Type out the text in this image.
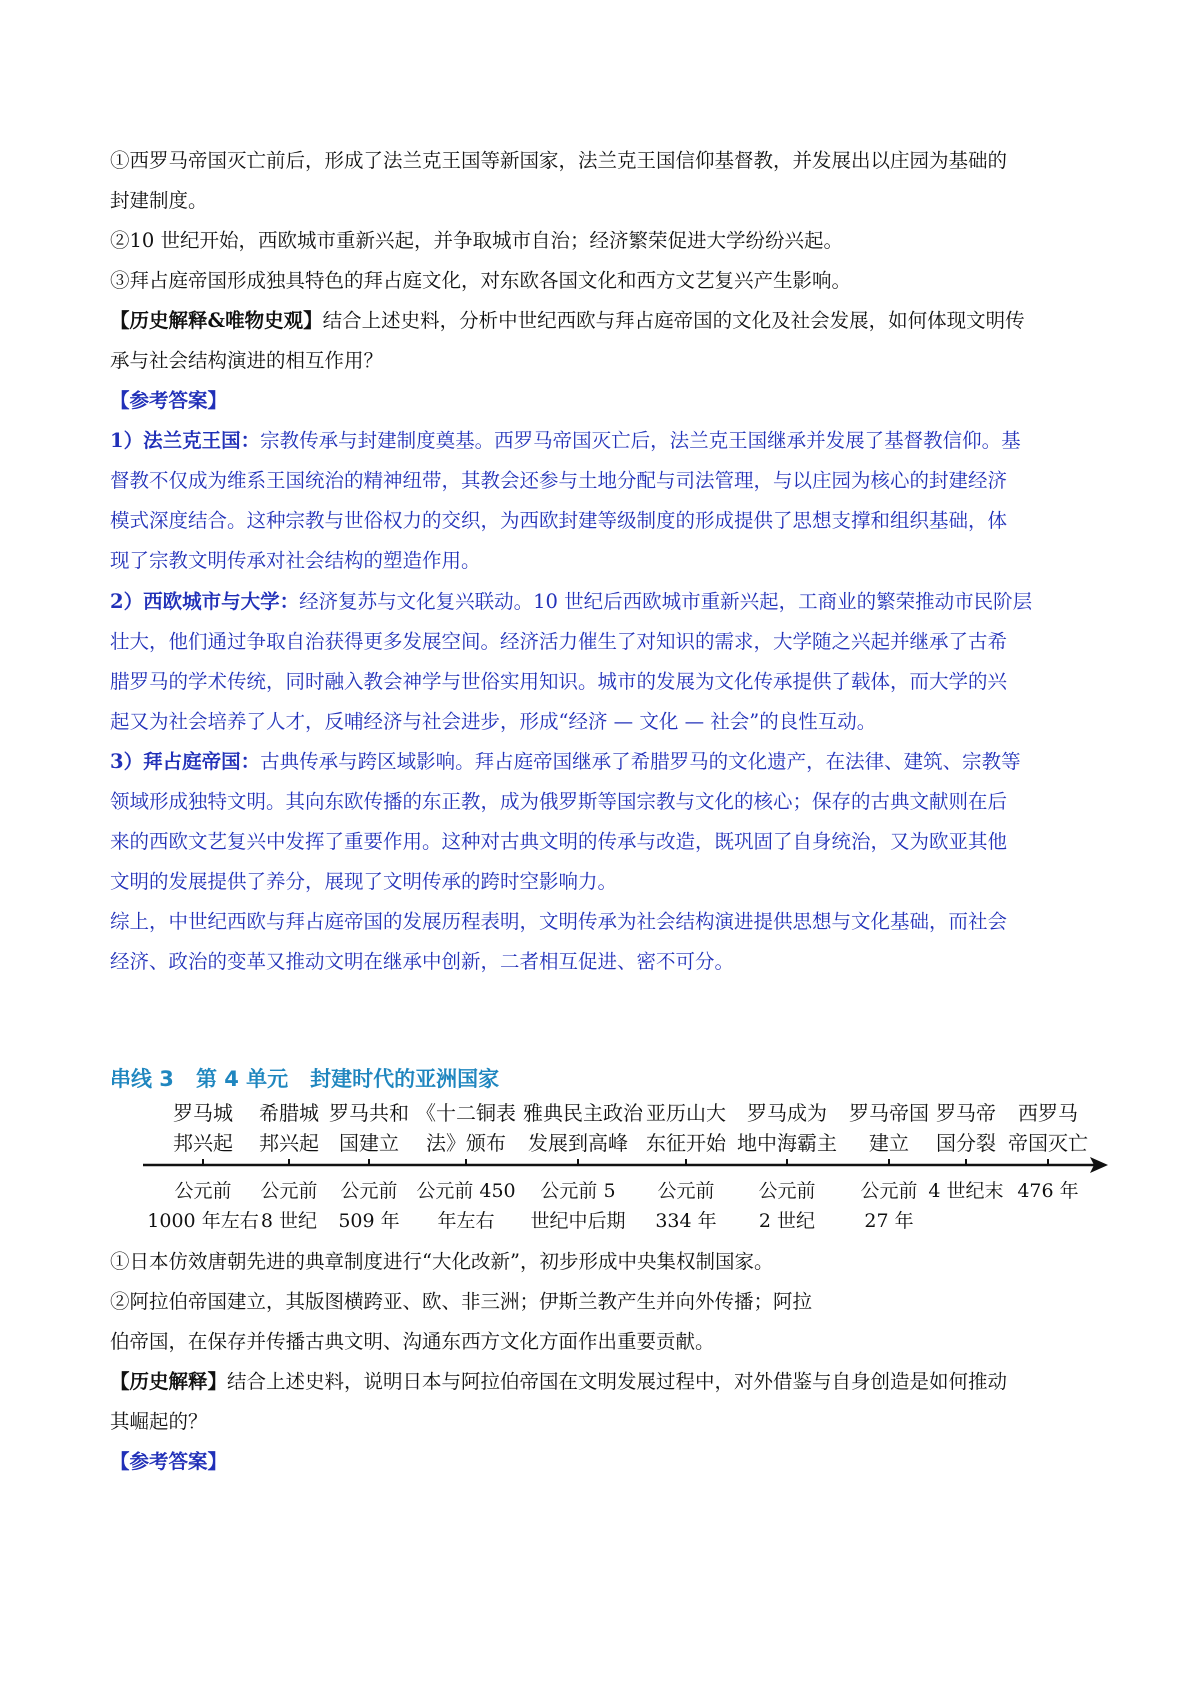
①西罗马帝国灭亡前后，形成了法兰克王国等新国家，法兰克王国信仰基督教，并发展出以庄园为基础的
封建制度。
②10 世纪开始，西欧城市重新兴起，并争取城市自治；经济繁荣促进大学纷纷兴起。
③拜占庭帝国形成独具特色的拜占庭文化，对东欧各国文化和西方文艺复兴产生影响。
【历史解释&唯物史观】结合上述史料，分析中世纪西欧与拜占庭帝国的文化及社会发展，如何体现文明传
承与社会结构演进的相互作用？
【参考答案】
1）法兰克王国：宗教传承与封建制度奠基。西罗马帝国灭亡后，法兰克王国继承并发展了基督教信仰。基
督教不仅成为维系王国统治的精神纽带，其教会还参与土地分配与司法管理，与以庄园为核心的封建经济
模式深度结合。这种宗教与世俗权力的交织，为西欧封建等级制度的形成提供了思想支撑和组织基础，体
现了宗教文明传承对社会结构的塑造作用。
2）西欧城市与大学：经济复苏与文化复兴联动。10 世纪后西欧城市重新兴起，工商业的繁荣推动市民阶层
壮大，他们通过争取自治获得更多发展空间。经济活力催生了对知识的需求，大学随之兴起并继承了古希
腊罗马的学术传统，同时融入教会神学与世俗实用知识。城市的发展为文化传承提供了载体，而大学的兴
起又为社会培养了人才，反哺经济与社会进步，形成“经济 — 文化 — 社会”的良性互动。
3）拜占庭帝国：古典传承与跨区域影响。拜占庭帝国继承了希腊罗马的文化遗产，在法律、建筑、宗教等
领域形成独特文明。其向东欧传播的东正教，成为俄罗斯等国宗教与文化的核心；保存的古典文献则在后
来的西欧文艺复兴中发挥了重要作用。这种对古典文明的传承与改造，既巩固了自身统治，又为欧亚其他
文明的发展提供了养分，展现了文明传承的跨时空影响力。
综上，中世纪西欧与拜占庭帝国的发展历程表明，文明传承为社会结构演进提供思想与文化基础，而社会
经济、政治的变革又推动文明在继承中创新，二者相互促进、密不可分。
串线 3 第 4 单元 封建时代的亚洲国家
罗马城
邦兴起
公元前
1000 年左右
希腊城
邦兴起
公元前
8 世纪
罗马共和
国建立
公元前
509 年
《十二铜表
法》颁布
公元前 450
年左右
雅典民主政治
发展到高峰
公元前 5
世纪中后期
亚历山大
东征开始
公元前
334 年
罗马成为
地中海霸主
公元前
2 世纪
罗马帝国
建立
公元前
27 年
罗马帝
国分裂
4 世纪末
西罗马
帝国灭亡
476 年
①日本仿效唐朝先进的典章制度进行“大化改新”，初步形成中央集权制国家。
②阿拉伯帝国建立，其版图横跨亚、欧、非三洲；伊斯兰教产生并向外传播；阿拉
伯帝国，在保存并传播古典文明、沟通东西方文化方面作出重要贡献。
【历史解释】结合上述史料，说明日本与阿拉伯帝国在文明发展过程中，对外借鉴与自身创造是如何推动
其崛起的？
【参考答案】
